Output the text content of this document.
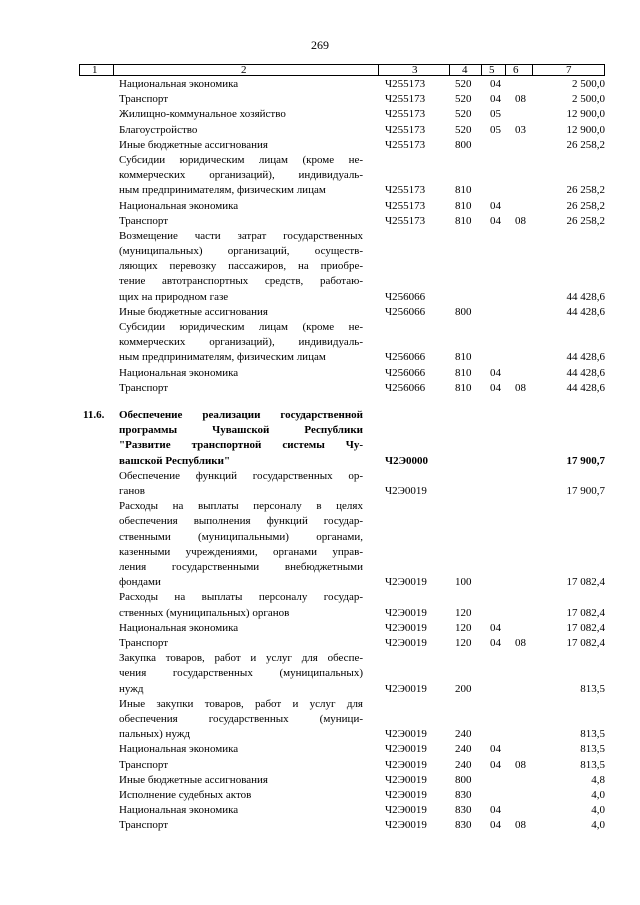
269
1	2	3	4 5 6	7
Национальная экономика	Ч255173	520 04	2 500,0
Транспорт	Ч255173	520 04 08	2 500,0
Жилищно-коммунальное хозяйство	Ч255173	520 05	12 900,0
Благоустройство	Ч255173	520 05 03	12 900,0
Иные бюджетные ассигнования	Ч255173	800	26 258,2
Субсидии юридическим лицам (кроме не-
коммерческих организаций), индивидуаль-
ным предпринимателям, физическим лицам	Ч255173	810	26 258,2
Национальная экономика	Ч255173	810 04	26 258,2
Транспорт	Ч255173	810 04 08	26 258,2
Возмещение части затрат государственных
(муниципальных) организаций, осуществ-
ляющих перевозку пассажиров, на приобре-
тение автотранспортных средств, работаю-
щих на природном газе	Ч256066	44 428,6
Иные бюджетные ассигнования	Ч256066	800	44 428,6
Субсидии юридическим лицам (кроме не-
коммерческих организаций), индивидуаль-
ным предпринимателям, физическим лицам	Ч256066	810	44 428,6
Национальная экономика	Ч256066	810 04	44 428,6
Транспорт	Ч256066	810 04 08	44 428,6
11.6. Обеспечение реализации государственной
программы Чувашской Республики
"Развитие транспортной системы Чу-
вашской Республики"	Ч2Э0000	17 900,7
Обеспечение функций государственных ор-
ганов	Ч2Э0019	17 900,7
Расходы на выплаты персоналу в целях
обеспечения выполнения функций государ-
ственными (муниципальными) органами,
казенными учреждениями, органами управ-
ления государственными внебюджетными
фондами	Ч2Э0019	100	17 082,4
Расходы на выплаты персоналу государ-
ственных (муниципальных) органов	Ч2Э0019	120	17 082,4
Национальная экономика	Ч2Э0019	120 04	17 082,4
Транспорт	Ч2Э0019	120 04 08	17 082,4
Закупка товаров, работ и услуг для обеспе-
чения государственных (муниципальных)
нужд	Ч2Э0019	200	813,5
Иные закупки товаров, работ и услуг для
обеспечения государственных (муници-
пальных) нужд	Ч2Э0019	240	813,5
Национальная экономика	Ч2Э0019	240 04	813,5
Транспорт	Ч2Э0019	240 04 08	813,5
Иные бюджетные ассигнования	Ч2Э0019	800	4,8
Исполнение судебных актов	Ч2Э0019	830	4,0
Национальная экономика	Ч2Э0019	830 04	4,0
Транспорт	Ч2Э0019	830 04 08	4,0
